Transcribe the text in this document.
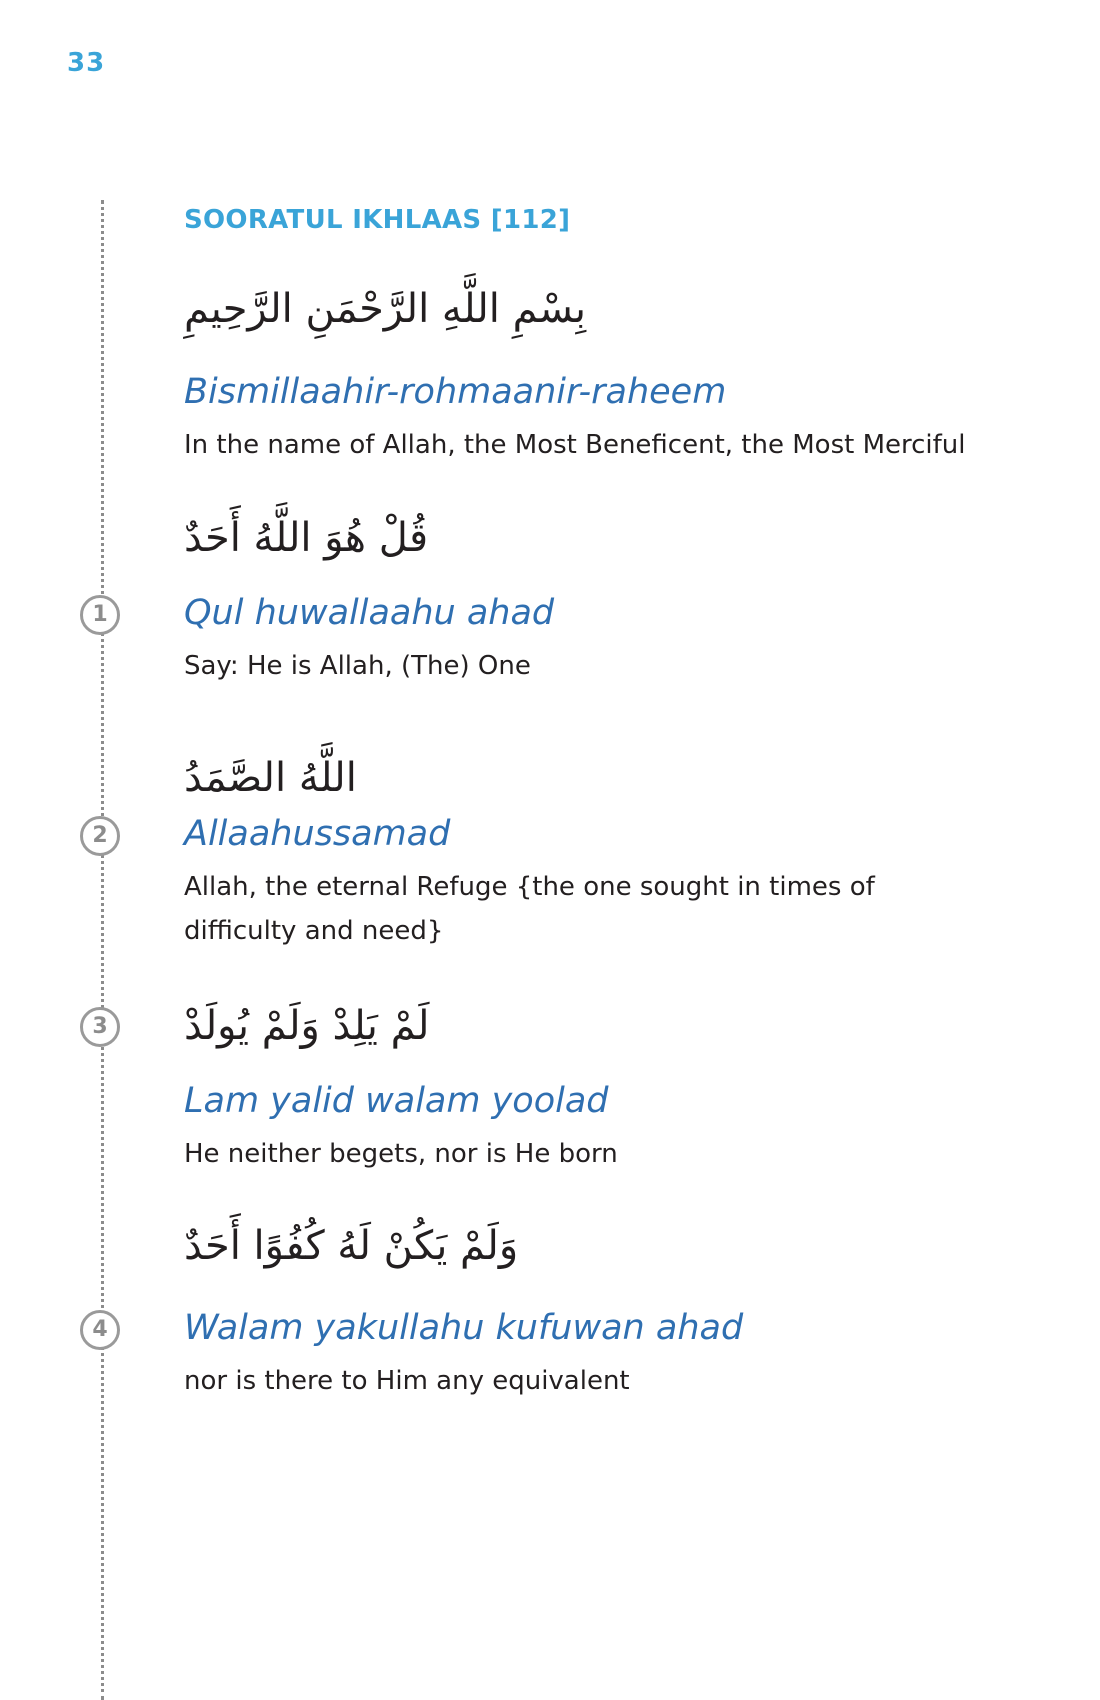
33
SOORATUL IKHLAAS [112]
بِسْمِ اللَّهِ الرَّحْمَنِ الرَّحِيمِ
Bismillaahir-rohmaanir-raheem
In the name of Allah, the Most Beneficent, the Most Merciful
قُلْ هُوَ اللَّهُ أَحَدٌ
1	Qul huwallaahu ahad
Say: He is Allah, (The) One
اللَّهُ الصَّمَدُ
2	Allaahussamad
Allah, the eternal Refuge {the one sought in times of difficulty and need}
لَمْ يَلِدْ وَلَمْ يُولَدْ
3
Lam yalid walam yoolad
He neither begets, nor is He born
وَلَمْ يَكُنْ لَهُ كُفُوًا أَحَدٌ
4	Walam yakullahu kufuwan ahad
nor is there to Him any equivalent
